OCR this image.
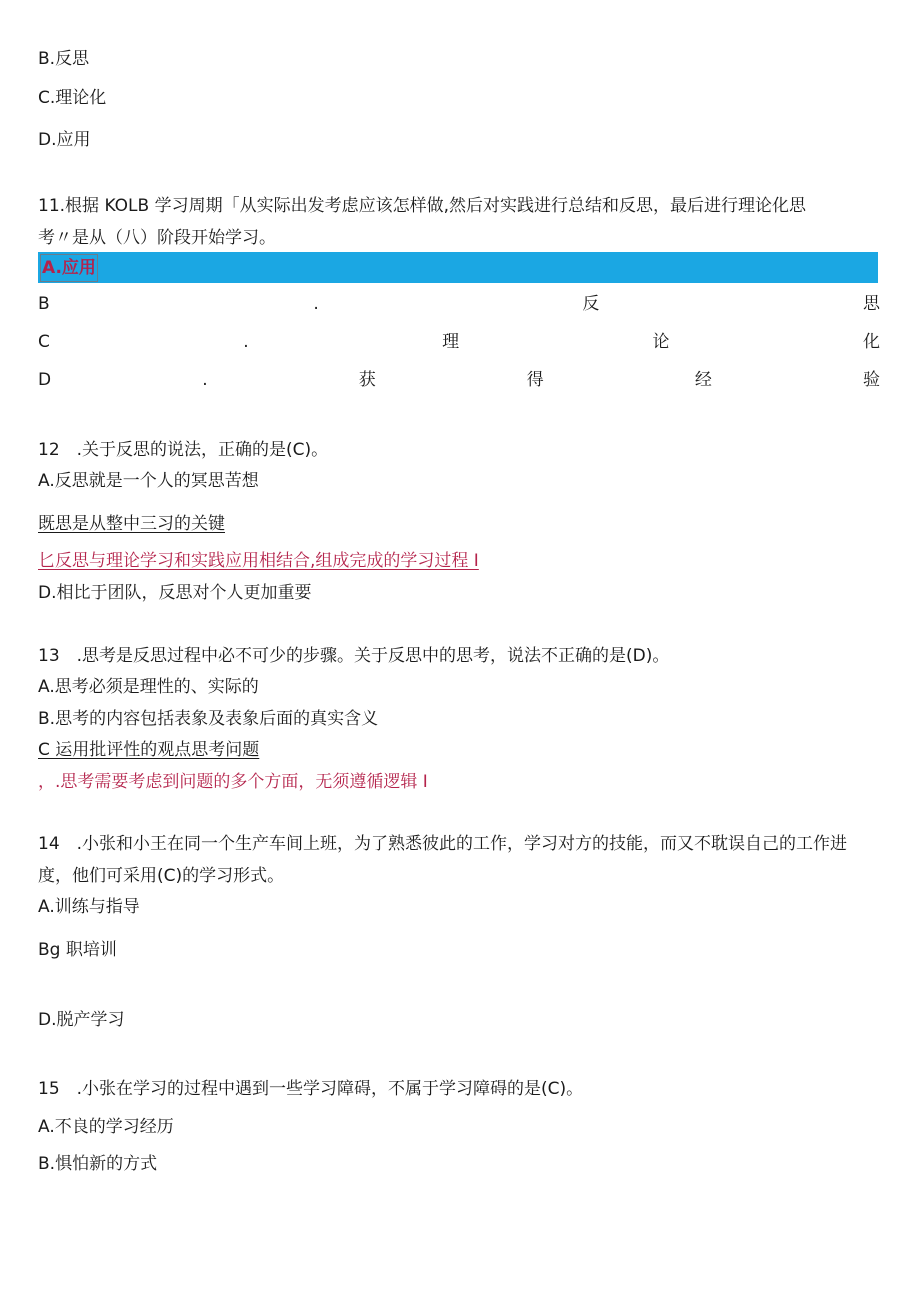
B.反思
C.理论化
D.应用
11.根据 KOLB 学习周期「从实际出发考虑应该怎样做,然后对实践进行总结和反思，最后进行理论化思
考〃是从（八）阶段开始学习。
A.应用
B	.	反	思
C	.	理	论	化
D	.	获	得	经	验
12　.关于反思的说法，正确的是(C)。
A.反思就是一个人的冥思苦想
既思是从整中三习的关键
匕反思与理论学习和实践应用相结合,组成完成的学习过程 I
D.相比于团队，反思对个人更加重要
13　.思考是反思过程中必不可少的步骤。关于反思中的思考，说法不正确的是(D)。
A.思考必须是理性的、实际的
B.思考的内容包括表象及表象后面的真实含义
C 运用批评性的观点思考问题
，.思考需要考虑到问题的多个方面，无须遵循逻辑 I
14　.小张和小王在同一个生产车间上班，为了熟悉彼此的工作，学习对方的技能，而又不耽误自己的工作进度，他们可采用(C)的学习形式。
A.训练与指导
Bg 职培训
D.脱产学习
15　.小张在学习的过程中遇到一些学习障碍，不属于学习障碍的是(C)。
A.不良的学习经历
B.惧怕新的方式
